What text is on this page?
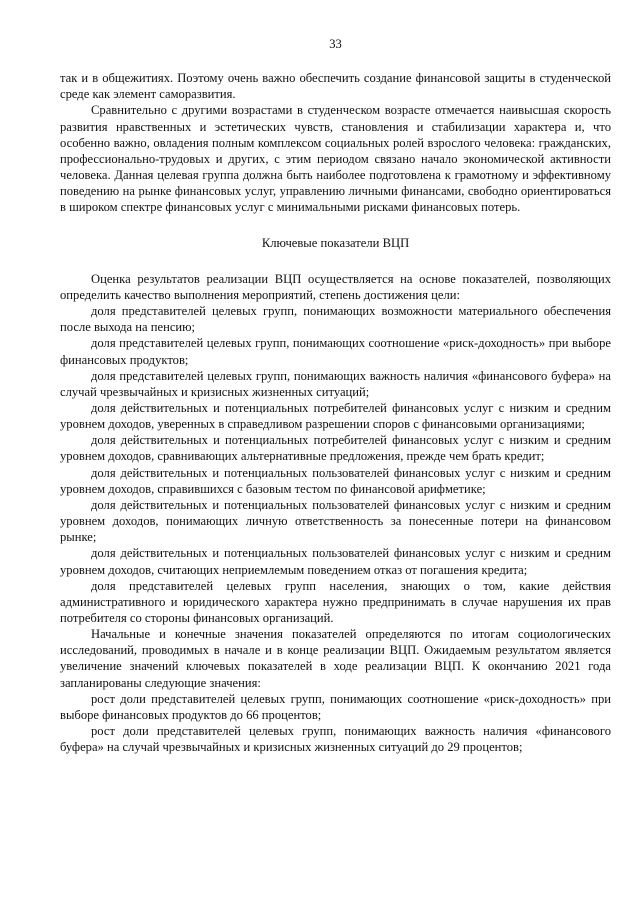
33

так и в общежитиях. Поэтому очень важно обеспечить создание финансовой защиты в студенческой среде как элемент саморазвития.

Сравнительно с другими возрастами в студенческом возрасте отмечается наивысшая скорость развития нравственных и эстетических чувств, становления и стабилизации характера и, что особенно важно, овладения полным комплексом социальных ролей взрослого человека: гражданских, профессионально-трудовых и других, с этим периодом связано начало экономической активности человека. Данная целевая группа должна быть наиболее подготовлена к грамотному и эффективному поведению на рынке финансовых услуг, управлению личными финансами, свободно ориентироваться в широком спектре финансовых услуг с минимальными рисками финансовых потерь.

Ключевые показатели ВЦП

Оценка результатов реализации ВЦП осуществляется на основе показателей, позволяющих определить качество выполнения мероприятий, степень достижения цели:

доля представителей целевых групп, понимающих возможности материального обеспечения после выхода на пенсию;

доля представителей целевых групп, понимающих соотношение «риск-доходность» при выборе финансовых продуктов;

доля представителей целевых групп, понимающих важность наличия «финансового буфера» на случай чрезвычайных и кризисных жизненных ситуаций;

доля действительных и потенциальных потребителей финансовых услуг с низким и средним уровнем доходов, уверенных в справедливом разрешении споров с финансовыми организациями;

доля действительных и потенциальных потребителей финансовых услуг с низким и средним уровнем доходов, сравнивающих альтернативные предложения, прежде чем брать кредит;

доля действительных и потенциальных пользователей финансовых услуг с низким и средним уровнем доходов, справившихся с базовым тестом по финансовой арифметике;

доля действительных и потенциальных пользователей финансовых услуг с низким и средним уровнем доходов, понимающих личную ответственность за понесенные потери на финансовом рынке;

доля действительных и потенциальных пользователей финансовых услуг с низким и средним уровнем доходов, считающих неприемлемым поведением отказ от погашения кредита;

доля представителей целевых групп населения, знающих о том, какие действия административного и юридического характера нужно предпринимать в случае нарушения их прав потребителя со стороны финансовых организаций.

Начальные и конечные значения показателей определяются по итогам социологических исследований, проводимых в начале и в конце реализации ВЦП. Ожидаемым результатом является увеличение значений ключевых показателей в ходе реализации ВЦП. К окончанию 2021 года запланированы следующие значения:

рост доли представителей целевых групп, понимающих соотношение «риск-доходность» при выборе финансовых продуктов до 66 процентов;

рост доли представителей целевых групп, понимающих важность наличия «финансового буфера» на случай чрезвычайных и кризисных жизненных ситуаций до 29 процентов;
